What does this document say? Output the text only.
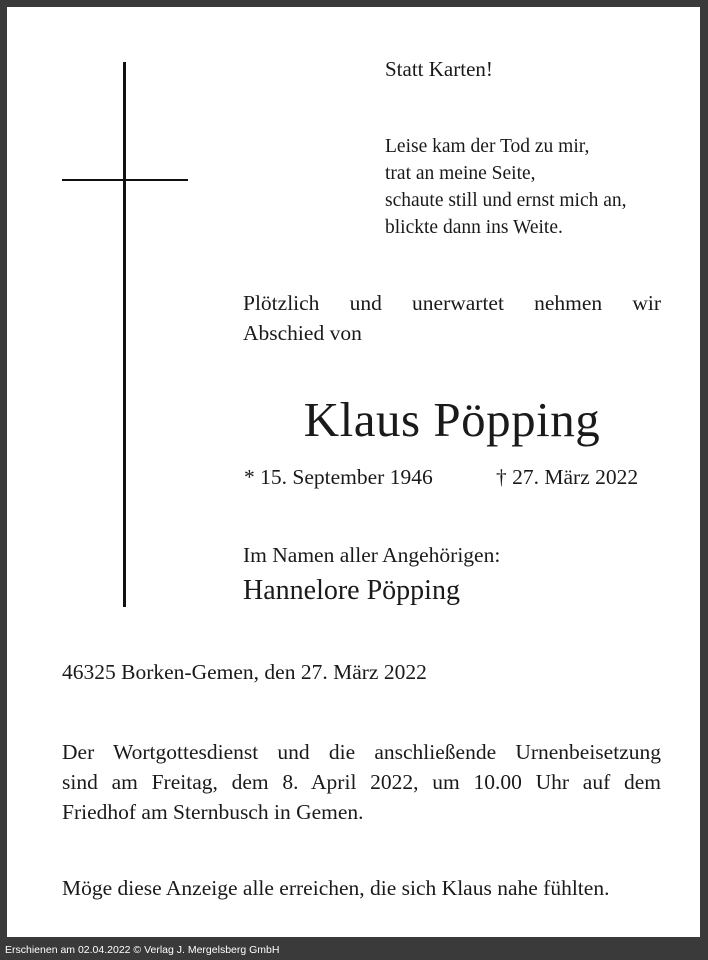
Statt Karten!
Leise kam der Tod zu mir,
trat an meine Seite,
schaute still und ernst mich an,
blickte dann ins Weite.
Plötzlich und unerwartet nehmen wir
Abschied von
Klaus Pöpping
* 15. September 1946	† 27. März 2022
Im Namen aller Angehörigen:
Hannelore Pöpping
46325 Borken-Gemen, den 27. März 2022
Der Wortgottesdienst und die anschließende Urnenbeisetzung
sind am Freitag, dem 8. April 2022, um 10.00 Uhr auf dem
Friedhof am Sternbusch in Gemen.
Möge diese Anzeige alle erreichen, die sich Klaus nahe fühlten.
Erschienen am 02.04.2022 © Verlag J. Mergelsberg GmbH
